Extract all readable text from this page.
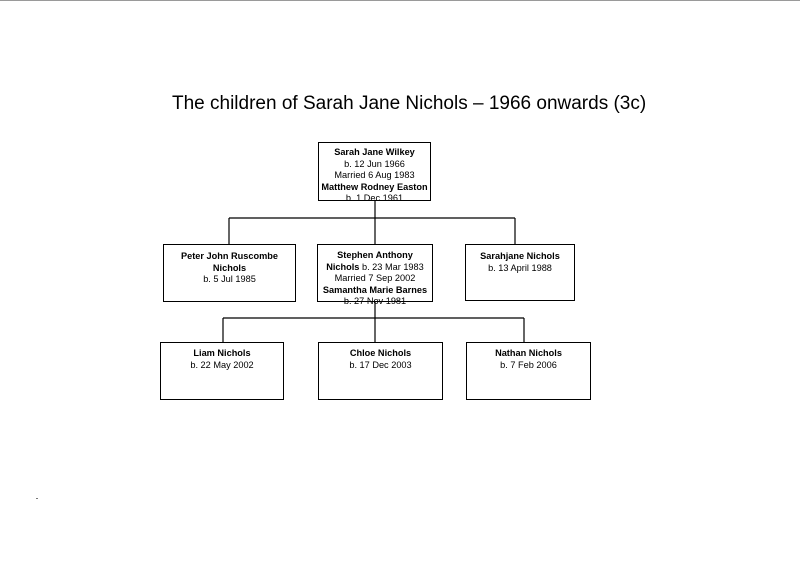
The children of Sarah Jane Nichols – 1966 onwards (3c)
Sarah Jane Wilkey
b. 12 Jun 1966
Married 6 Aug 1983
Matthew Rodney Easton
b. 1 Dec 1961
Peter John Ruscombe
Nichols
b. 5 Jul 1985
Stephen Anthony
Nichols b. 23 Mar 1983
Married 7 Sep 2002
Samantha Marie Barnes
b. 27 Nov 1981
Sarahjane Nichols
b. 13 April 1988
Liam Nichols
b. 22 May 2002
Chloe Nichols
b. 17 Dec 2003
Nathan Nichols
b. 7 Feb 2006
